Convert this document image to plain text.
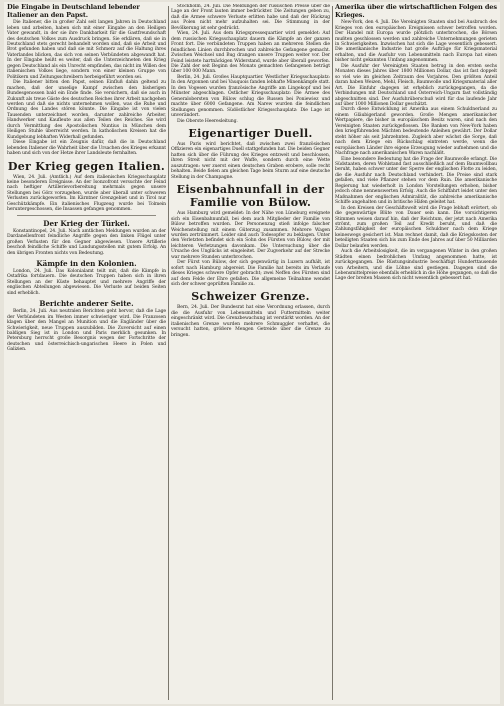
Die Eingabe in Deutschland lebender Italiener an den Papst.

Die Italiener, die in großer Zahl seit langen Jahren in Deutschland leben und arbeiten, haben sich mit einer Eingabe an den Heiligen Vater gewandt, in der sie ihre Dankbarkeit für die Gastfreundschaft des deutschen Volkes zum Ausdruck bringen. Sie erklären, daß sie in Deutschland stets gerecht behandelt worden sind, daß sie Arbeit und Brot gefunden haben und daß sie mit Schmerz auf die Haltung ihres Vaterlandes blicken, das sich von seinen Verbündeten abgewandt hat. In der Eingabe heißt es weiter, daß die Unterzeichneten den Krieg gegen Deutschland als ein Unrecht empfinden, das nicht im Willen des italienischen Volkes liege, sondern von einer kleinen Gruppe von Politikern und Zeitungsschreibern herbeigeführt worden sei.

Die Italiener bitten den Papst, seinen Einfluß dahin geltend zu machen, daß der unselige Kampf zwischen den bisherigen Bundesgenossen bald ein Ende finde. Sie versichern, daß sie auch in Zukunft als treue Gäste des deutschen Reiches ihrer Arbeit nachgehen werden und daß sie nichts unternehmen wollen, was die Ruhe und Ordnung des Landes stören könnte. Die Eingabe ist von vielen Tausenden unterzeichnet worden, darunter zahlreiche Arbeiter, Handwerker und Kaufleute aus allen Teilen des Reiches. Sie wird durch Vermittlung des Apostolischen Nuntius in München dem Heiligen Stuhle überreicht werden. In katholischen Kreisen hat die Kundgebung lebhaften Widerhall gefunden.

Diese Eingabe ist ein Zeugnis dafür, daß die in Deutschland lebenden Italiener die Wahrheit über die Ursachen des Krieges erkannt haben und sich von der Hetze ihrer Landsleute fernhalten.

Der Krieg gegen Italien.

Wien, 24. Juli. (Amtlich.) Auf dem italienischen Kriegsschauplatz keine besonderen Ereignisse. An der Isonzofront versuchte der Feind nach heftiger Artillerievorbereitung mehrmals gegen unsere Stellungen bei Görz vorzugehen, wurde aber überall unter schweren Verlusten zurückgeworfen. Im Kärntner Grenzgebiet und in Tirol nur Geschützkämpfe. Ein italienisches Flugzeug wurde bei Tolmein heruntergeschossen, die Insassen gefangen genommen.

Der Krieg der Türkei.

Konstantinopel, 24. Juli. Nach amtlichen Meldungen wurden an der Dardanellenfront feindliche Angriffe gegen den linken Flügel unter großen Verlusten für den Gegner abgewiesen. Unsere Artillerie beschoß feindliche Schiffe und Landungsstellen mit gutem Erfolg. An den übrigen Fronten nichts von Bedeutung.

Kämpfe in den Kolonien.

London, 24. Juli. Das Kolonialamt teilt mit, daß die Kämpfe in Ostafrika fortdauern. Die deutschen Truppen haben sich in ihren Stellungen an der Küste behauptet und mehrere Angriffe der englischen Abteilungen abgewiesen. Die Verluste auf beiden Seiten sind erheblich.

Berichte anderer Seite.

Berlin, 24. Juli. Aus neutralen Berichten geht hervor, daß die Lage der Verbündeten im Westen immer schwieriger wird. Die Franzosen klagen über den Mangel an Munition und die Engländer über die Schwierigkeit, neue Truppen auszubilden. Die Zuversicht auf einen baldigen Sieg ist in London und Paris merklich gesunken. In Petersburg herrscht große Besorgnis wegen der Fortschritte der deutschen und österreichisch-ungarischen Heere in Polen und Galizien.

Stockholm, 24. Juli. Die Meldungen der russischen Presse über die Lage an der Front lauten immer bedrückter. Die Zeitungen geben zu, daß die Armee schwere Verluste erlitten habe und daß der Rückzug aus Polen nicht mehr aufzuhalten sei. Die Stimmung in der Bevölkerung ist sehr gedrückt.

Wien, 24. Juli. Aus dem Kriegspressequartier wird gemeldet: Auf dem russischen Kriegsschauplatz dauern die Kämpfe an der ganzen Front fort. Die verbündeten Truppen haben an mehreren Stellen die feindlichen Linien durchbrochen und zahlreiche Gefangene gemacht. Zwischen Weichsel und Bug drangen unsere Truppen weiter vor. Der Feind leistete hartnäckigen Widerstand, wurde aber überall geworfen. Die Zahl der seit Beginn des Monats gemachten Gefangenen beträgt über 100 000 Mann.

Berlin, 24. Juli. Großes Hauptquartier. Westlicher Kriegsschauplatz: In den Argonnen und bei Vauquois fanden lebhafte Minenkämpfe statt. In den Vogesen wurden französische Angriffe am Lingekopf und bei Münster abgeschlagen. Östlicher Kriegsschauplatz: Die Armee des Generalobersten von Bülow schlug die Russen bei Poniewiez und machte über 6000 Gefangene. Am Narew wurden die feindlichen Stellungen genommen. Südöstlicher Kriegsschauplatz: Die Lage ist unverändert.

Die Oberste Heeresleitung.

Eigenartiger Duell.

Aus Paris wird berichtet, daß zwischen zwei französischen Offizieren ein eigenartiges Duell stattgefunden hat. Die beiden Gegner hatten sich über die Führung des Krieges entzweit und beschlossen, ihren Streit nicht mit der Waffe, sondern durch eine Wette auszutragen: wer zuerst einen deutschen Graben erobere, solle recht behalten. Beide fielen am gleichen Tage beim Sturm auf eine deutsche Stellung in der Champagne.

Eisenbahnunfall in der Familie von Bülow.

Aus Hamburg wird gemeldet: In der Nähe von Lüneburg ereignete sich ein Eisenbahnunfall, bei dem auch Mitglieder der Familie von Bülow betroffen wurden. Der Personenzug stieß infolge falscher Weichenstellung mit einem Güterzug zusammen. Mehrere Wagen wurden zertrümmert. Leider sind auch Todesopfer zu beklagen. Unter den Verletzten befindet sich ein Sohn des Fürsten von Bülow, der mit leichteren Verletzungen davonkam. Die Untersuchung über die Ursache des Unglücks ist eingeleitet. Der Zugverkehr auf der Strecke war mehrere Stunden unterbrochen.

Der Fürst von Bülow, der sich gegenwärtig in Luzern aufhält, ist sofort nach Hamburg abgereist. Die Familie hat bereits im Verlaufe dieses Krieges schwere Opfer gebracht; zwei Neffen des Fürsten sind auf dem Felde der Ehre gefallen. Die allgemeine Teilnahme wendet sich der schwer geprüften Familie zu.

Schweizer Grenze.

Bern, 24. Juli. Der Bundesrat hat eine Verordnung erlassen, durch die die Ausfuhr von Lebensmitteln und Futtermitteln weiter eingeschränkt wird. Die Grenzbewachung ist verstärkt worden. An der italienischen Grenze wurden mehrere Schmuggler verhaftet, die versucht hatten, größere Mengen Getreide über die Grenze zu bringen.

Amerika über die wirtschaftlichen Folgen des Krieges.

New-York, den 4. Juli. Die Vereinigten Staaten sind bei Ausbruch des Krieges von den europäischen Ereignissen schwer betroffen worden. Der Handel mit Europa wurde plötzlich unterbrochen, die Börsen mußten geschlossen werden und zahlreiche Unternehmungen gerieten in Schwierigkeiten. Inzwischen hat sich die Lage wesentlich gebessert. Die amerikanische Industrie hat große Aufträge für Kriegsmaterial erhalten, und die Ausfuhr von Lebensmitteln nach Europa hat einen bisher nicht gekannten Umfang angenommen.

Die Ausfuhr der Vereinigten Staaten betrug in den ersten sechs Monaten dieses Jahres über 1800 Millionen Dollar, das ist fast doppelt so viel wie im gleichen Zeitraum des Vorjahres. Den größten Anteil daran haben Weizen, Mehl, Fleisch, Baumwolle und Kriegsmaterial aller Art. Die Einfuhr dagegen ist erheblich zurückgegangen, da die Verbindungen mit Deutschland und Österreich-Ungarn fast vollständig abgeschnitten sind. Der Ausfuhrüberschuß wird für das laufende Jahr auf über 1000 Millionen Dollar geschätzt.

Durch diese Entwicklung ist Amerika aus einem Schuldnerland zu einem Gläubigerland geworden. Große Mengen amerikanischer Wertpapiere, die bisher in europäischem Besitz waren, sind nach den Vereinigten Staaten zurückgeflossen. Die Banken von New-York haben den kriegführenden Mächten bedeutende Anleihen gewährt. Der Dollar steht höher als seit Jahrzehnten. Zugleich aber wächst die Sorge, daß nach dem Kriege ein Rückschlag eintreten werde, wenn die europäischen Länder ihre eigene Erzeugung wieder aufnehmen und die Nachfrage nach amerikanischen Waren nachläßt.

Eine besondere Bedeutung hat die Frage der Baumwolle erlangt. Die Südstaaten, deren Wohlstand fast ausschließlich auf dem Baumwollbau beruht, haben schwer unter der Sperre der englischen Flotte zu leiden, die die Ausfuhr nach Deutschland verhindert. Die Preise sind stark gefallen, und viele Pflanzer stehen vor dem Ruin. Die amerikanische Regierung hat wiederholt in London Vorstellungen erhoben, bisher jedoch ohne nennenswerten Erfolg. Auch die Schiffahrt leidet unter den Maßnahmen der englischen Admiralität, die zahlreiche amerikanische Schiffe angehalten und in britische Häfen geleitet hat.

In den Kreisen der Geschäftswelt wird die Frage lebhaft erörtert, ob die gegenwärtige Blüte von Dauer sein kann. Die vorsichtigeren Stimmen weisen darauf hin, daß der Reichtum, der jetzt nach Amerika strömt, zum großen Teil auf Kredit beruht, und daß die Zahlungsfähigkeit der europäischen Schuldner nach dem Kriege keineswegs gesichert ist. Man rechnet damit, daß die Kriegskosten der beteiligten Staaten sich bis zum Ende des Jahres auf über 50 Milliarden Dollar belaufen werden.

Auch die Arbeitslosigkeit, die im vergangenen Winter in den großen Städten einen bedrohlichen Umfang angenommen hatte, ist zurückgegangen. Die Rüstungsindustrie beschäftigt Hunderttausende von Arbeitern, und die Löhne sind gestiegen. Dagegen sind die Lebensmittelpreise ebenfalls erheblich in die Höhe gegangen, so daß die Lage der breiten Massen sich nicht wesentlich gebessert hat.
